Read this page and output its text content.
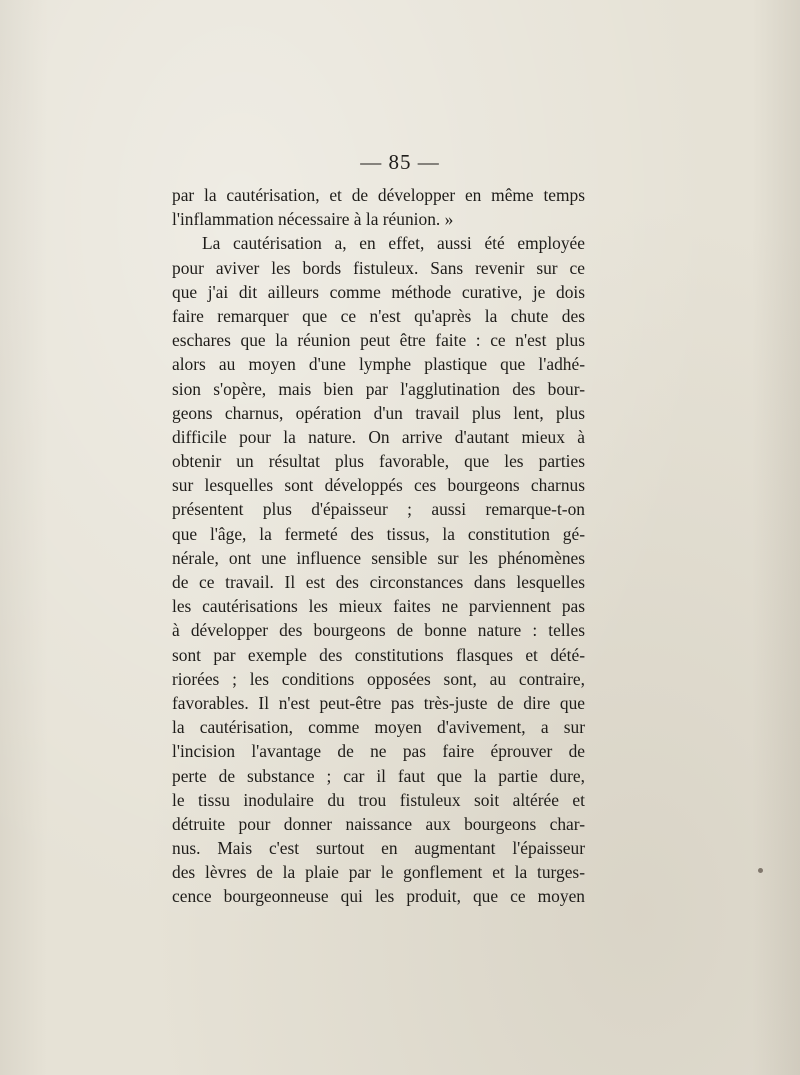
— 85 —
par la cautérisation, et de développer en même temps
l'inflammation nécessaire à la réunion. »
La cautérisation a, en effet, aussi été employée
pour aviver les bords fistuleux. Sans revenir sur ce
que j'ai dit ailleurs comme méthode curative, je dois
faire remarquer que ce n'est qu'après la chute des
eschares que la réunion peut être faite : ce n'est plus
alors au moyen d'une lymphe plastique que l'adhé-
sion s'opère, mais bien par l'agglutination des bour-
geons charnus, opération d'un travail plus lent, plus
difficile pour la nature. On arrive d'autant mieux à
obtenir un résultat plus favorable, que les parties
sur lesquelles sont développés ces bourgeons charnus
présentent plus d'épaisseur ; aussi remarque-t-on
que l'âge, la fermeté des tissus, la constitution gé-
nérale, ont une influence sensible sur les phénomènes
de ce travail. Il est des circonstances dans lesquelles
les cautérisations les mieux faites ne parviennent pas
à développer des bourgeons de bonne nature : telles
sont par exemple des constitutions flasques et dété-
riorées ; les conditions opposées sont, au contraire,
favorables. Il n'est peut-être pas très-juste de dire que
la cautérisation, comme moyen d'avivement, a sur
l'incision l'avantage de ne pas faire éprouver de
perte de substance ; car il faut que la partie dure,
le tissu inodulaire du trou fistuleux soit altérée et
détruite pour donner naissance aux bourgeons char-
nus. Mais c'est surtout en augmentant l'épaisseur
des lèvres de la plaie par le gonflement et la turges-
cence bourgeonneuse qui les produit, que ce moyen
